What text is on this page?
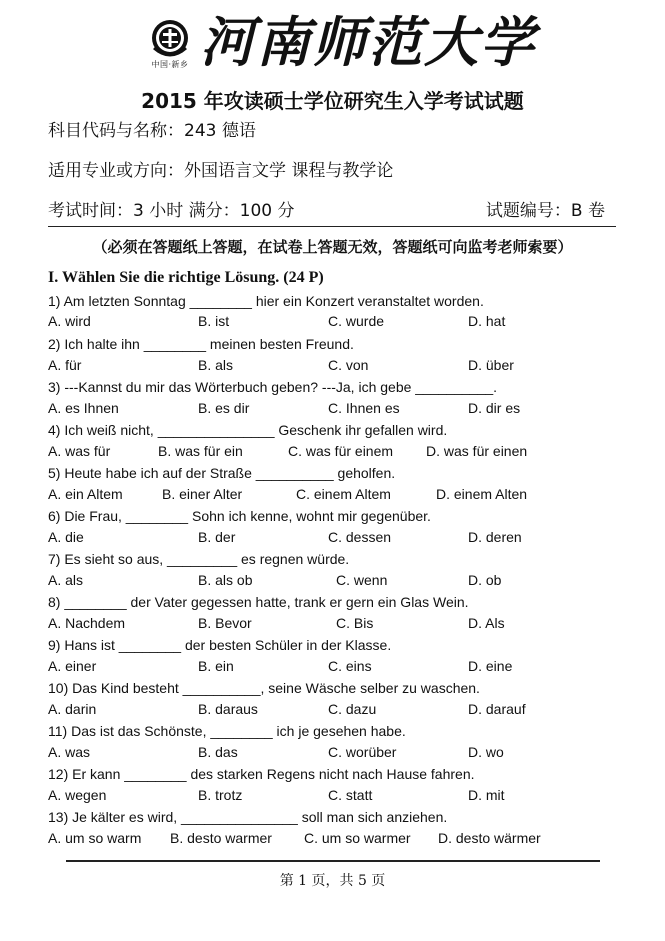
中国·新乡 河南师范大学
2015 年攻读硕士学位研究生入学考试试题
科目代码与名称：243 德语
适用专业或方向：外国语言文学 课程与教学论
考试时间：3 小时 满分：100 分	试题编号：B 卷
（必须在答题纸上答题，在试卷上答题无效，答题纸可向监考老师索要）
I. Wählen Sie die richtige Lösung. (24 P)
1) Am letzten Sonntag ________ hier ein Konzert veranstaltet worden.
A. wird	B. ist	C. wurde	D. hat
2) Ich halte ihn ________ meinen besten Freund.
A. für	B. als	C. von	D. über
3) ---Kannst du mir das Wörterbuch geben? ---Ja, ich gebe __________.
A. es Ihnen	B. es dir	C. Ihnen es	D. dir es
4) Ich weiß nicht, _______________ Geschenk ihr gefallen wird.
A. was für	B. was für ein	C. was für einem D. was für einen
5) Heute habe ich auf der Straße __________ geholfen.
A. ein Altem	B. einer Alter	C. einem Altem	D. einem Alten
6) Die Frau, ________ Sohn ich kenne, wohnt mir gegenüber.
A. die	B. der	C. dessen	D. deren
7) Es sieht so aus, _________ es regnen würde.
A. als	B. als ob	C. wenn	D. ob
8) ________ der Vater gegessen hatte, trank er gern ein Glas Wein.
A. Nachdem	B. Bevor	C. Bis	D. Als
9) Hans ist ________ der besten Schüler in der Klasse.
A. einer	B. ein	C. eins	D. eine
10) Das Kind besteht __________, seine Wäsche selber zu waschen.
A. darin	B. daraus	C. dazu	D. darauf
11) Das ist das Schönste, ________ ich je gesehen habe.
A. was	B. das	C. worüber	D. wo
12) Er kann ________ des starken Regens nicht nach Hause fahren.
A. wegen	B. trotz	C. statt	D. mit
13) Je kälter es wird, _______________ soll man sich anziehen.
A. um so warm B. desto warmer C. um so warmer D. desto wärmer
第 1 页，共 5 页
